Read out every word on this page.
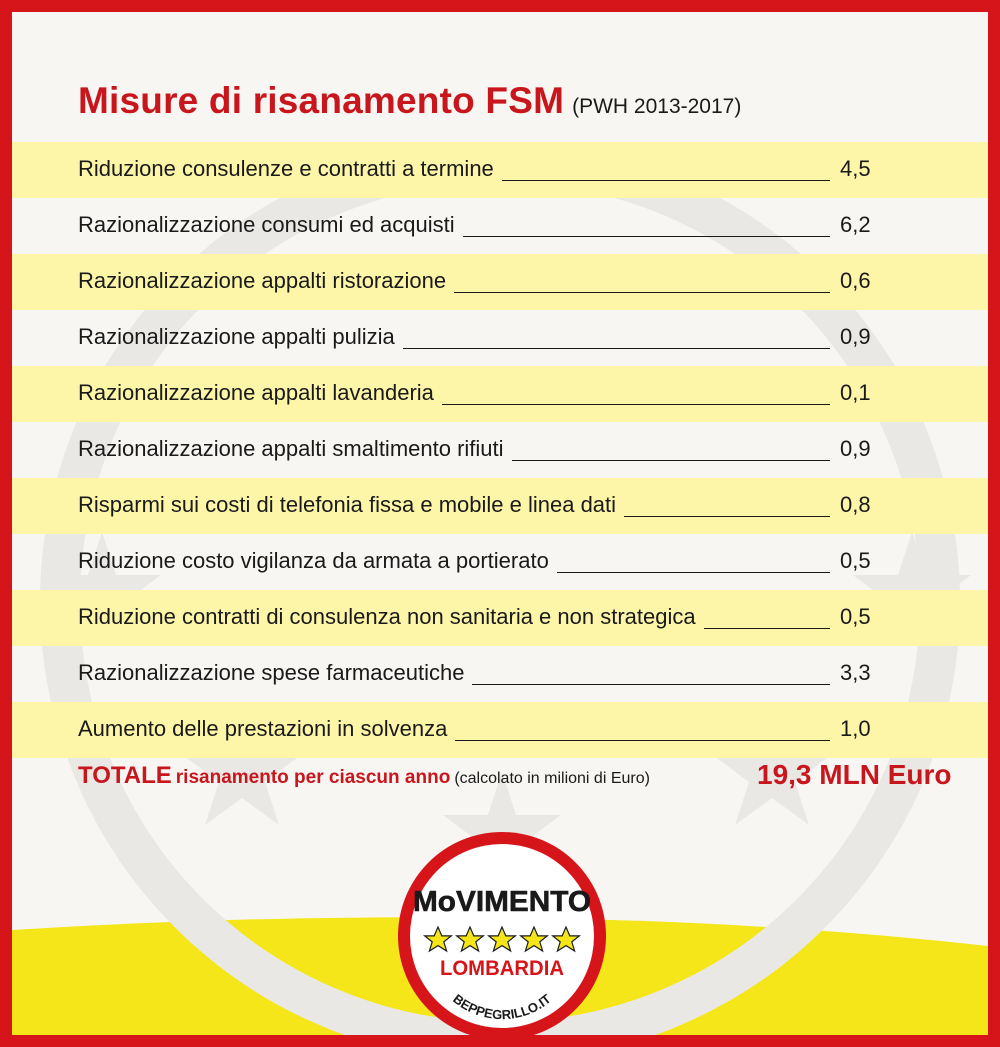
Misure di risanamento FSM (PWH 2013-2017)
Riduzione consulenze e contratti a termine	4,5
Razionalizzazione consumi ed acquisti	6,2
Razionalizzazione appalti ristorazione	0,6
Razionalizzazione appalti pulizia	0,9
Razionalizzazione appalti lavanderia	0,1
Razionalizzazione appalti smaltimento rifiuti	0,9
Risparmi sui costi di telefonia fissa e mobile e linea dati	0,8
Riduzione costo vigilanza da armata a portierato	0,5
Riduzione contratti di consulenza non sanitaria e non strategica	0,5
Razionalizzazione spese farmaceutiche	3,3
Aumento delle prestazioni in solvenza	1,0
TOTALE risanamento per ciascun anno (calcolato in milioni di Euro)	19,3 MLN Euro
MoVIMENTO
LOMBARDIA
BEPPEGRILLO.IT
